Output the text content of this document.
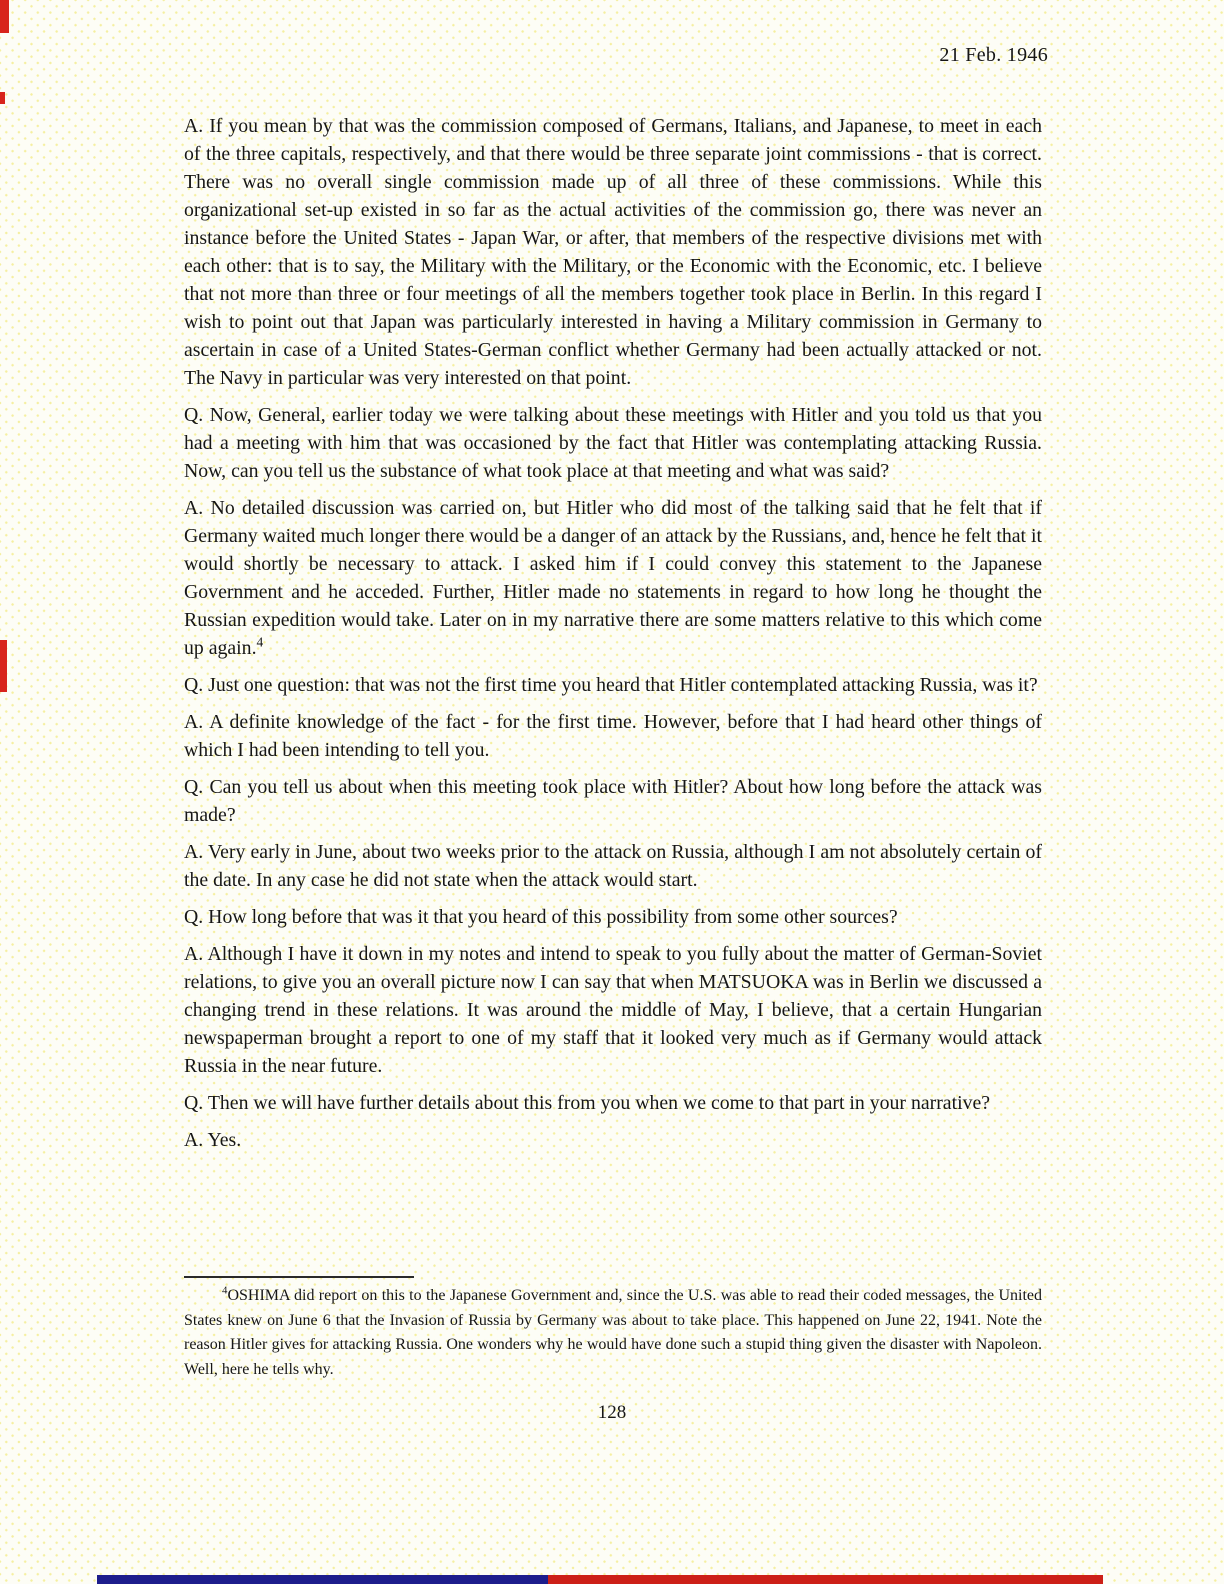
21 Feb. 1946

A. If you mean by that was the commission composed of Germans, Italians, and Japanese, to meet in each of the three capitals, respectively, and that there would be three separate joint commissions - that is correct. There was no overall single commission made up of all three of these commissions. While this organizational set-up existed in so far as the actual activities of the commission go, there was never an instance before the United States - Japan War, or after, that members of the respective divisions met with each other: that is to say, the Military with the Military, or the Economic with the Economic, etc. I believe that not more than three or four meetings of all the members together took place in Berlin. In this regard I wish to point out that Japan was particularly interested in having a Military commission in Germany to ascertain in case of a United States-German conflict whether Germany had been actually attacked or not. The Navy in particular was very interested on that point.

Q. Now, General, earlier today we were talking about these meetings with Hitler and you told us that you had a meeting with him that was occasioned by the fact that Hitler was contemplating attacking Russia. Now, can you tell us the substance of what took place at that meeting and what was said?

A. No detailed discussion was carried on, but Hitler who did most of the talking said that he felt that if Germany waited much longer there would be a danger of an attack by the Russians, and, hence he felt that it would shortly be necessary to attack. I asked him if I could convey this statement to the Japanese Government and he acceded. Further, Hitler made no statements in regard to how long he thought the Russian expedition would take. Later on in my narrative there are some matters relative to this which come up again.$^4$

Q. Just one question: that was not the first time you heard that Hitler contemplated attacking Russia, was it?

A. A definite knowledge of the fact - for the first time. However, before that I had heard other things of which I had been intending to tell you.

Q. Can you tell us about when this meeting took place with Hitler? About how long before the attack was made?

A. Very early in June, about two weeks prior to the attack on Russia, although I am not absolutely certain of the date. In any case he did not state when the attack would start.

Q. How long before that was it that you heard of this possibility from some other sources?

A. Although I have it down in my notes and intend to speak to you fully about the matter of German-Soviet relations, to give you an overall picture now I can say that when MATSUOKA was in Berlin we discussed a changing trend in these relations. It was around the middle of May, I believe, that a certain Hungarian newspaperman brought a report to one of my staff that it looked very much as if Germany would attack Russia in the near future.

Q. Then we will have further details about this from you when we come to that part in your narrative?

A. Yes.

$^4$OSHIMA did report on this to the Japanese Government and, since the U.S. was able to read their coded messages, the United States knew on June 6 that the Invasion of Russia by Germany was about to take place. This happened on June 22, 1941. Note the reason Hitler gives for attacking Russia. One wonders why he would have done such a stupid thing given the disaster with Napoleon. Well, here he tells why.

128
